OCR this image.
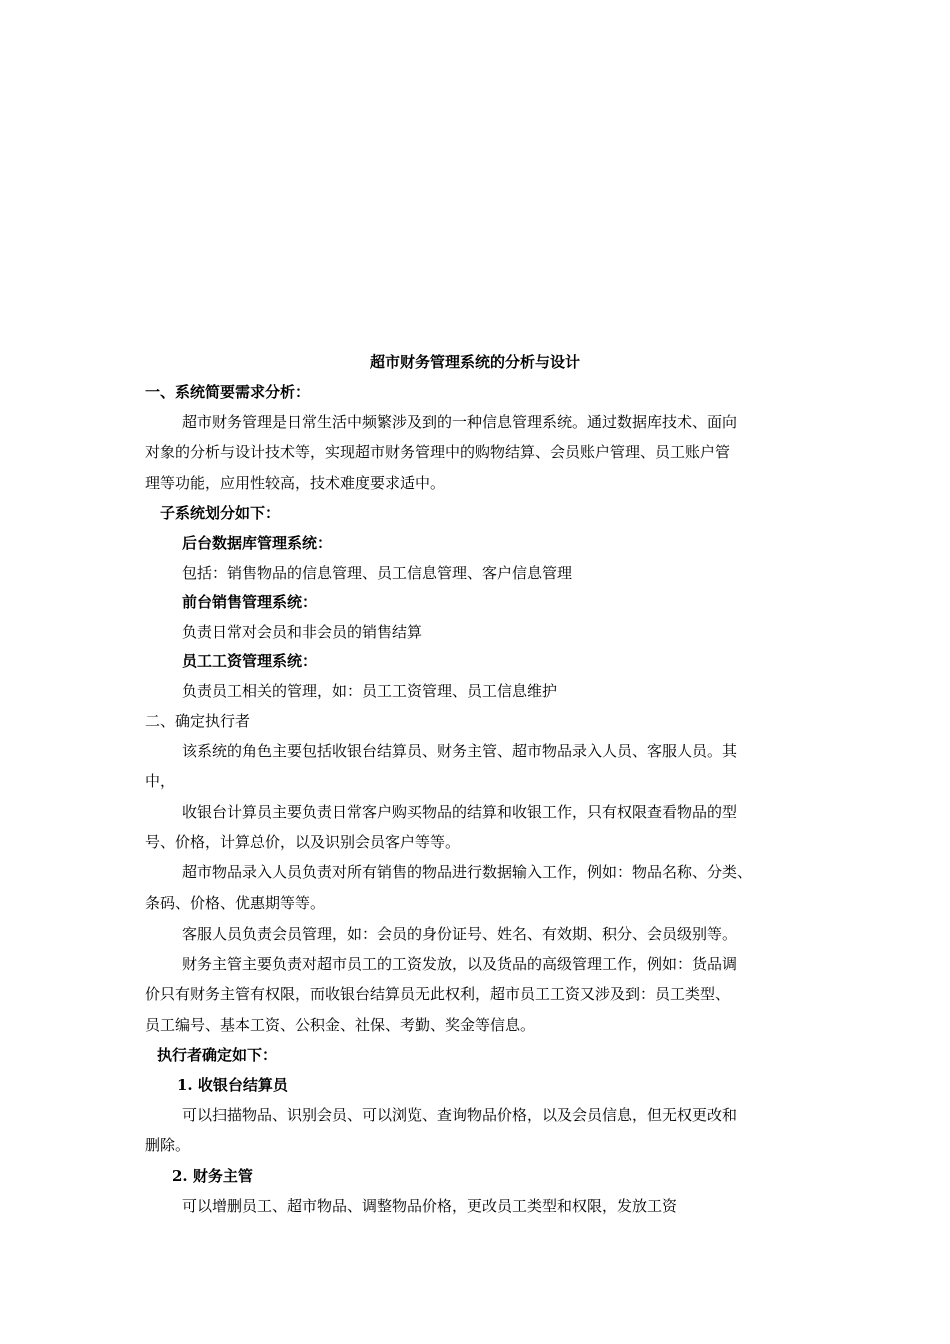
超市财务管理系统的分析与设计
一、系统简要需求分析：
超市财务管理是日常生活中频繁涉及到的一种信息管理系统。通过数据库技术、面向
对象的分析与设计技术等，实现超市财务管理中的购物结算、会员账户管理、员工账户管
理等功能，应用性较高，技术难度要求适中。
子系统划分如下：
后台数据库管理系统：
包括：销售物品的信息管理、员工信息管理、客户信息管理
前台销售管理系统：
负责日常对会员和非会员的销售结算
员工工资管理系统：
负责员工相关的管理，如：员工工资管理、员工信息维护
二、确定执行者
该系统的角色主要包括收银台结算员、财务主管、超市物品录入人员、客服人员。其
中，
收银台计算员主要负责日常客户购买物品的结算和收银工作，只有权限查看物品的型
号、价格，计算总价，以及识别会员客户等等。
超市物品录入人员负责对所有销售的物品进行数据输入工作，例如：物品名称、分类、
条码、价格、优惠期等等。
客服人员负责会员管理，如：会员的身份证号、姓名、有效期、积分、会员级别等。
财务主管主要负责对超市员工的工资发放，以及货品的高级管理工作，例如：货品调
价只有财务主管有权限，而收银台结算员无此权利，超市员工工资又涉及到：员工类型、
员工编号、基本工资、公积金、社保、考勤、奖金等信息。
执行者确定如下：
1. 收银台结算员
可以扫描物品、识别会员、可以浏览、查询物品价格，以及会员信息，但无权更改和
删除。
2. 财务主管
可以增删员工、超市物品、调整物品价格，更改员工类型和权限，发放工资
